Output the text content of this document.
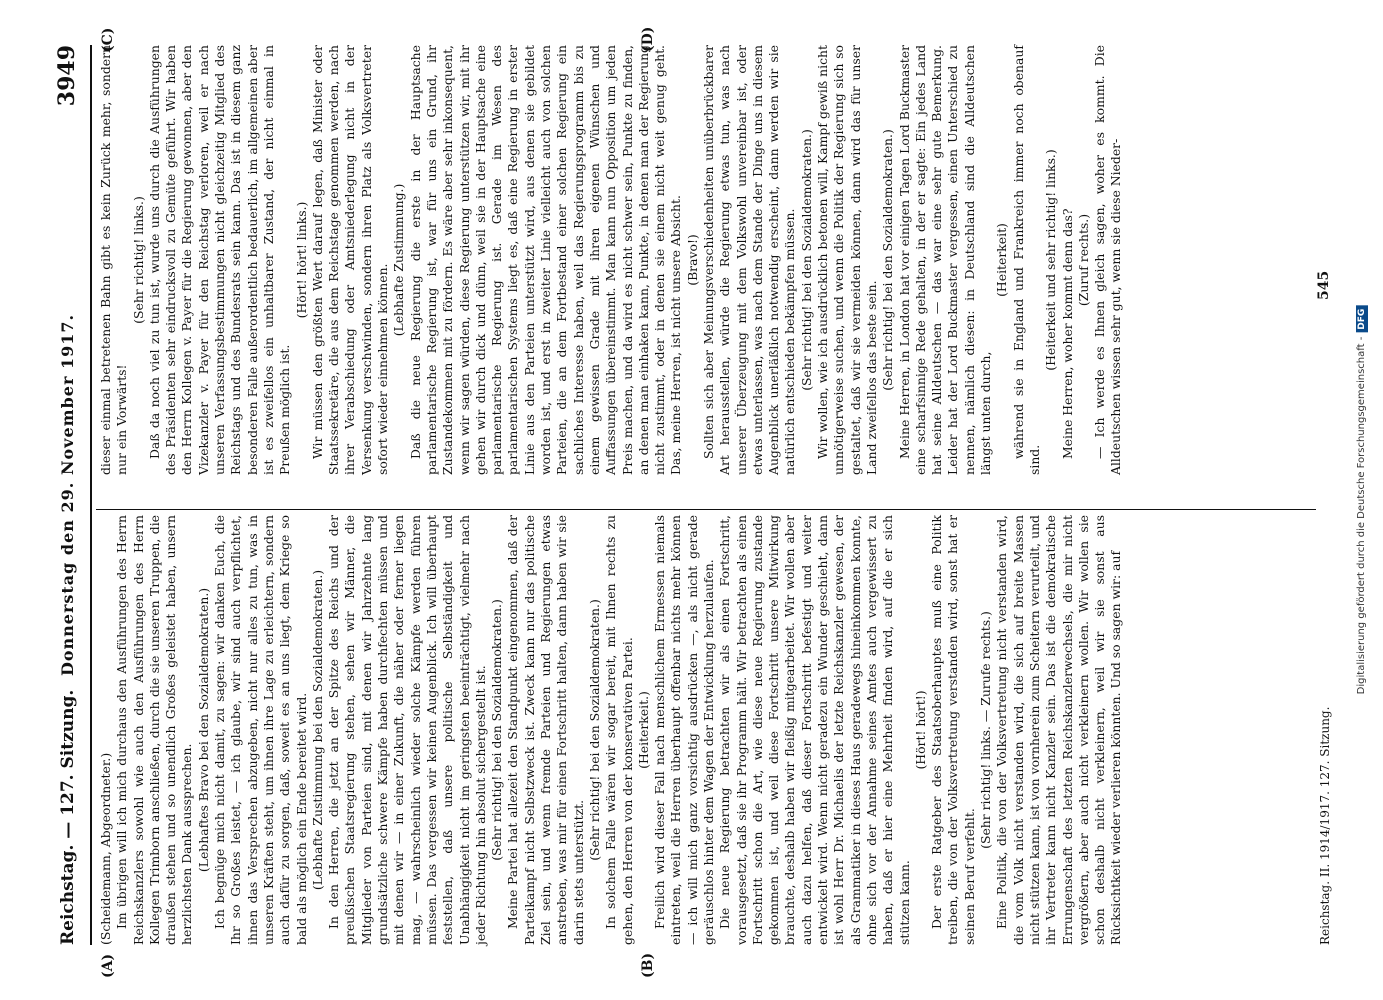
Reichstag. — 127. Sitzung.
Donnerstag den 29. November 1917.
3949
(A)	(B)
(C)	(D)

(Scheidemann, Abgeordneter.) Im übrigen will ich mich durchaus den Ausführungen des Herrn Reichskanzlers sowohl wie auch den Ausführungen des Herrn Kollegen Trimborn anschließen, durch die sie unseren Truppen, die draußen stehen und so unendlich Großes geleistet haben, unsern herzlichsten Dank aussprechen. (Lebhaftes Bravo bei den Sozialdemokraten.) Ich begnüge mich nicht damit, zu sagen: wir danken Euch, die Ihr so Großes leistet, — ich glaube, wir sind auch verpflichtet, ihnen das Versprechen abzugeben, nicht nur alles zu tun, was in unseren Kräften steht, um ihnen ihre Lage zu erleichtern, sondern auch dafür zu sorgen, daß, soweit es an uns liegt, dem Kriege so bald als möglich ein Ende bereitet wird. (Lebhafte Zustimmung bei den Sozialdemokraten.) In den Herren, die jetzt an der Spitze des Reichs und der preußischen Staatsregierung stehen, sehen wir Männer, die Mitglieder von Parteien sind, mit denen wir Jahrzehnte lang grundsätzliche schwere Kämpfe haben durchfechten müssen und mit denen wir — in einer Zukunft, die näher oder ferner liegen mag, — wahrscheinlich wieder solche Kämpfe werden führen müssen. Das vergessen wir keinen Augenblick. Ich will überhaupt feststellen, daß unsere politische Selbständigkeit und Unabhängigkeit nicht im geringsten beeinträchtigt, vielmehr nach jeder Richtung hin absolut sichergestellt ist. (Sehr richtig! bei den Sozialdemokraten.) Meine Partei hat allezeit den Standpunkt eingenommen, daß der Parteikampf nicht Selbstzweck ist. Zweck kann nur das politische Ziel sein, und wenn fremde Parteien und Regierungen etwas anstreben, was mir für einen Fortschritt halten, dann haben wir sie darin stets unterstützt.

(Sehr richtig! bei den Sozialdemokraten.) In solchem Falle wären wir sogar bereit, mit Ihnen rechts zu gehen, den Herren von der konservativen Partei. (Heiterkeit.) Freilich wird dieser Fall nach menschlichem Ermessen niemals eintreten, weil die Herren überhaupt offenbar nichts mehr können — ich will mich ganz vorsichtig ausdrücken —, als nicht gerade geräuschlos hinter dem Wagen der Entwicklung herzulaufen. Die neue Regierung betrachten wir als einen Fortschritt, vorausgesetzt, daß sie ihr Programm hält. Wir betrachten als einen Fortschritt schon die Art, wie diese neue Regierung zustande gekommen ist, und weil diese Fortschritt unsere Mitwirkung brauchte, deshalb haben wir fleißig mitgearbeitet. Wir wollen aber auch dazu helfen, daß dieser Fortschritt befestigt und weiter entwickelt wird. Wenn nicht geradezu ein Wunder geschieht, dann ist wohl Herr Dr. Michaelis der letzte Reichskanzler gewesen, der als Grammatiker in dieses Haus geradewegs hineinkommen konnte, ohne sich vor der Annahme seines Amtes auch vergewissert zu haben, daß er hier eine Mehrheit finden wird, auf die er sich stützen kann.

(Hört! hört!) Der erste Ratgeber des Staatsoberhauptes muß eine Politik treiben, die von der Volksvertretung verstanden wird, sonst hat er seinen Beruf verfehlt.

(Sehr richtig! links. — Zurufe rechts.) Eine Politik, die von der Volksvertretung nicht verstanden wird, die vom Volk nicht verstanden wird, die sich auf breite Massen nicht stützen kann, ist von vornherein zum Scheitern verurteilt, und ihr Vertreter kann nicht Kanzler sein. Das ist die demokratische Errungenschaft des letzten Reichskanzlerwechsels, die mir nicht vergrößern, aber auch nicht verkleinern wollen. Wir wollen sie schon deshalb nicht verkleinern, weil wir sie sonst aus Rücksichtkeit wieder verlieren könnten. Und so sagen wir: auf

dieser einmal betretenen Bahn gibt es kein Zurück mehr, sondern nur ein Vorwärts!

(Sehr richtig! links.) Daß da noch viel zu tun ist, wurde uns durch die Ausführungen des Präsidenten sehr eindrucksvoll zu Gemüte geführt. Wir haben den Herrn Kollegen v. Payer für die Regierung gewonnen, aber den Vizekanzler v. Payer für den Reichstag verloren, weil er nach unseren Verfassungsbestimmungen nicht gleichzeitig Mitglied des Reichstags und des Bundesrats sein kann. Das ist in diesem ganz besonderen Falle außerordentlich bedauerlich, im allgemeinen aber ist es zweifellos ein unhaltbarer Zustand, der nicht einmal in Preußen möglich ist.

(Hört! hört! links.) Wir müssen den größten Wert darauf legen, daß Minister oder Staatssekretäre, die aus dem Reichstage genommen werden, nach ihrer Verabschiedung oder Amtsniederlegung nicht in der Versenkung verschwinden, sondern ihren Platz als Volksvertreter sofort wieder einnehmen können.

(Lebhafte Zustimmung.) Daß die neue Regierung die erste in der Hauptsache parlamentarische Regierung ist, war für uns ein Grund, ihr Zustandekommen mit zu fördern. Es wäre aber sehr inkonsequent, wenn wir sagen würden, diese Regierung unterstützen wir, mit ihr gehen wir durch dick und dünn, weil sie in der Hauptsache eine parlamentarische Regierung ist. Gerade im Wesen des parlamentarischen Systems liegt es, daß eine Regierung in erster Linie aus den Parteien unterstützt wird, aus denen sie gebildet worden ist, und erst in zweiter Linie vielleicht auch von solchen Parteien, die an dem Fortbestand einer solchen Regierung ein sachliches Interesse haben, weil das Regierungsprogramm bis zu einem gewissen Grade mit ihren eigenen Wünschen und Auffassungen übereinstimmt. Man kann nun Opposition um jeden Preis machen, und da wird es nicht schwer sein, Punkte zu finden, an denen man einhaken kann, Punkte, in denen man der Regierung nicht zustimmt, oder in denen sie einem nicht weit genug geht. Das, meine Herren, ist nicht unsere Absicht. (Bravo!) Sollten sich aber Meinungsverschiedenheiten unüberbrückbarer Art herausstellen, würde die Regierung etwas tun, was nach unserer Überzeugung mit dem Volkswohl unvereinbar ist, oder etwas unterlassen, was nach dem Stande der Dinge uns in diesem Augenblick unerläßlich notwendig erscheint, dann werden wir sie natürlich entschieden bekämpfen müssen. (Sehr richtig! bei den Sozialdemokraten.) Wir wollen, wie ich ausdrücklich betonen will, Kampf gewiß nicht unnötigerweise suchen, und wenn die Politik der Regierung sich so gestaltet, daß wir sie vermeiden können, dann wird das für unser Land zweifellos das beste sein. (Sehr richtig! bei den Sozialdemokraten.) Meine Herren, in London hat vor einigen Tagen Lord Buckmaster eine scharfsinnige Rede gehalten, in der er sagte: Ein jedes Land hat seine Alldeutschen — das war eine sehr gute Bemerkung. Leider hat der Lord Buckmaster vergessen, einen Unterschied zu nennen, nämlich diesen: in Deutschland sind die Alldeutschen längst unten durch,

(Heiterkeit) während sie in England und Frankreich immer noch obenauf sind.

(Heiterkeit und sehr richtig! links.) Meine Herren, woher kommt denn das? (Zuruf rechts.) — Ich werde es Ihnen gleich sagen, woher es kommt. Die Alldeutschen wissen sehr gut, wenn sie diese Nieder-

Reichstag. II. 1914/1917. 127. Sitzung.
545
Digitalisierung gefördert durch die Deutsche Forschungsgemeinschaft -DFG
